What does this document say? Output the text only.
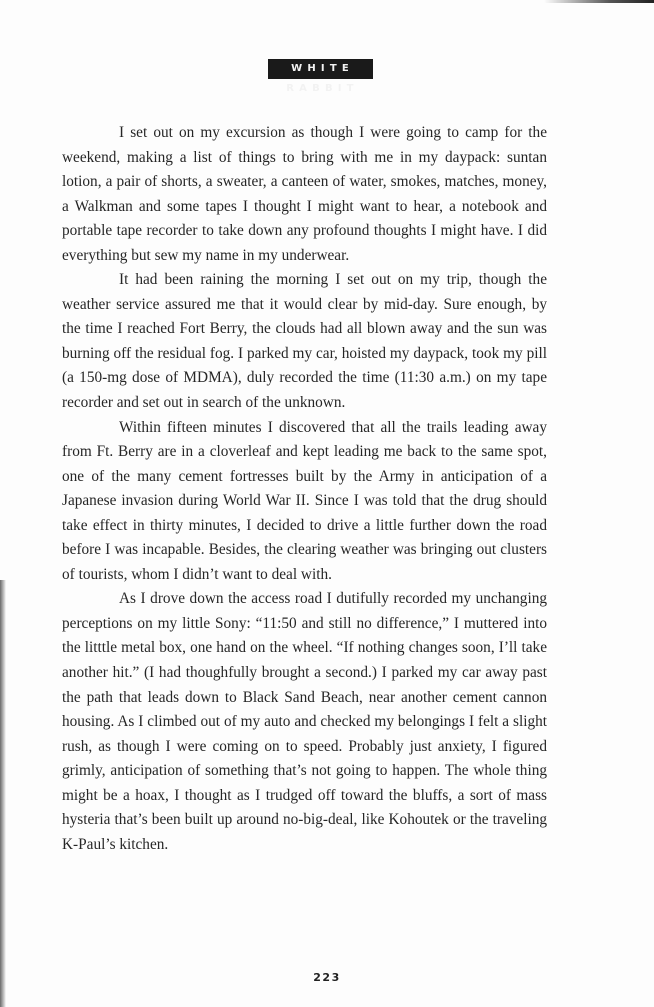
WHITE RABBIT

I set out on my excursion as though I were going to camp for the weekend, making a list of things to bring with me in my daypack: suntan lotion, a pair of shorts, a sweater, a canteen of water, smokes, matches, money, a Walkman and some tapes I thought I might want to hear, a notebook and portable tape recorder to take down any profound thoughts I might have. I did everything but sew my name in my underwear.

It had been raining the morning I set out on my trip, though the weather service assured me that it would clear by mid-day. Sure enough, by the time I reached Fort Berry, the clouds had all blown away and the sun was burning off the residual fog. I parked my car, hoisted my daypack, took my pill (a 150-mg dose of MDMA), duly recorded the time (11:30 a.m.) on my tape recorder and set out in search of the unknown.

Within fifteen minutes I discovered that all the trails leading away from Ft. Berry are in a cloverleaf and kept leading me back to the same spot, one of the many cement fortresses built by the Army in anticipation of a Japanese invasion during World War II. Since I was told that the drug should take effect in thirty minutes, I decided to drive a little further down the road before I was incapable. Besides, the clearing weather was bringing out clusters of tourists, whom I didn’t want to deal with.

As I drove down the access road I dutifully recorded my unchanging perceptions on my little Sony: “11:50 and still no difference,” I muttered into the litttle metal box, one hand on the wheel. “If nothing changes soon, I’ll take another hit.” (I had thoughfully brought a second.) I parked my car away past the path that leads down to Black Sand Beach, near another cement cannon housing. As I climbed out of my auto and checked my belongings I felt a slight rush, as though I were coming on to speed. Probably just anxiety, I figured grimly, anticipation of something that’s not going to happen. The whole thing might be a hoax, I thought as I trudged off toward the bluffs, a sort of mass hysteria that’s been built up around no-big-deal, like Kohoutek or the traveling K-Paul’s kitchen.

223
